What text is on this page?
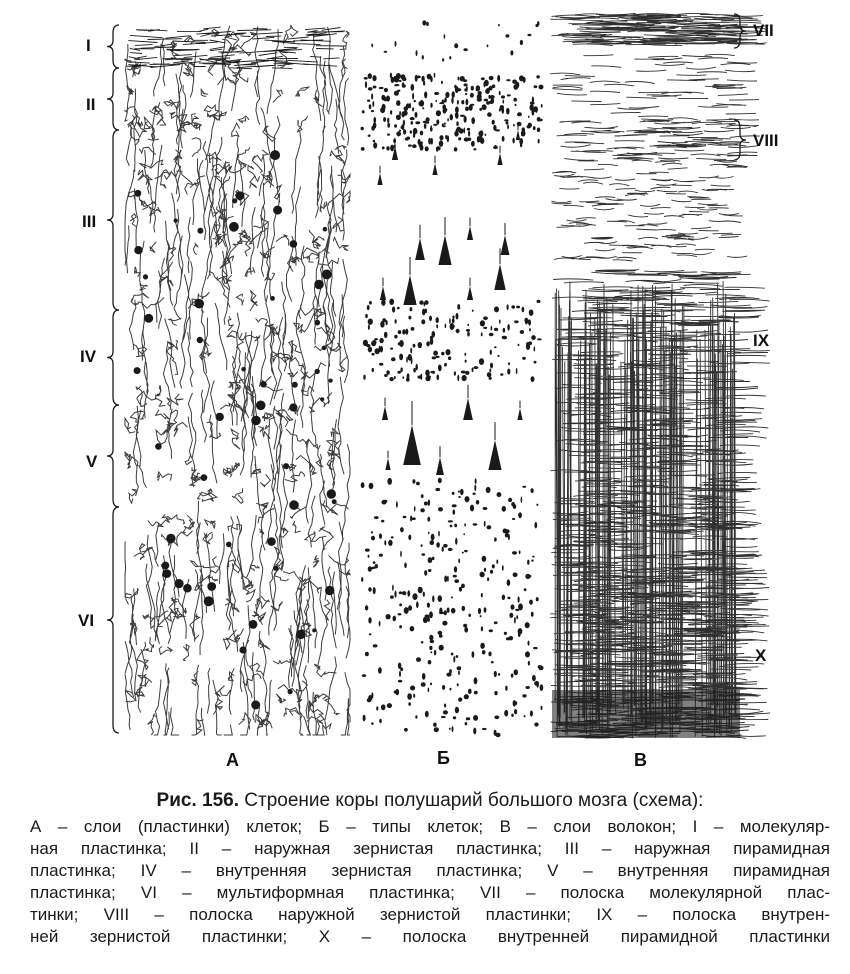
I
II
III
IV
V
VI
VII
VIII
IX
X
А	Б	В
Рис. 156. Строение коры полушарий большого мозга (схема):
А – слои (пластинки) клеток; Б – типы клеток; В – слои волокон; I – молекуляр-
ная пластинка; II – наружная зернистая пластинка; III – наружная пирамидная
пластинка; IV – внутренняя зернистая пластинка; V – внутренняя пирамидная
пластинка; VI – мультиформная пластинка; VII – полоска молекулярной плас-
тинки; VIII – полоска наружной зернистой пластинки; IX – полоска внутрен-
ней зернистой пластинки; X – полоска внутренней пирамидной пластинки
